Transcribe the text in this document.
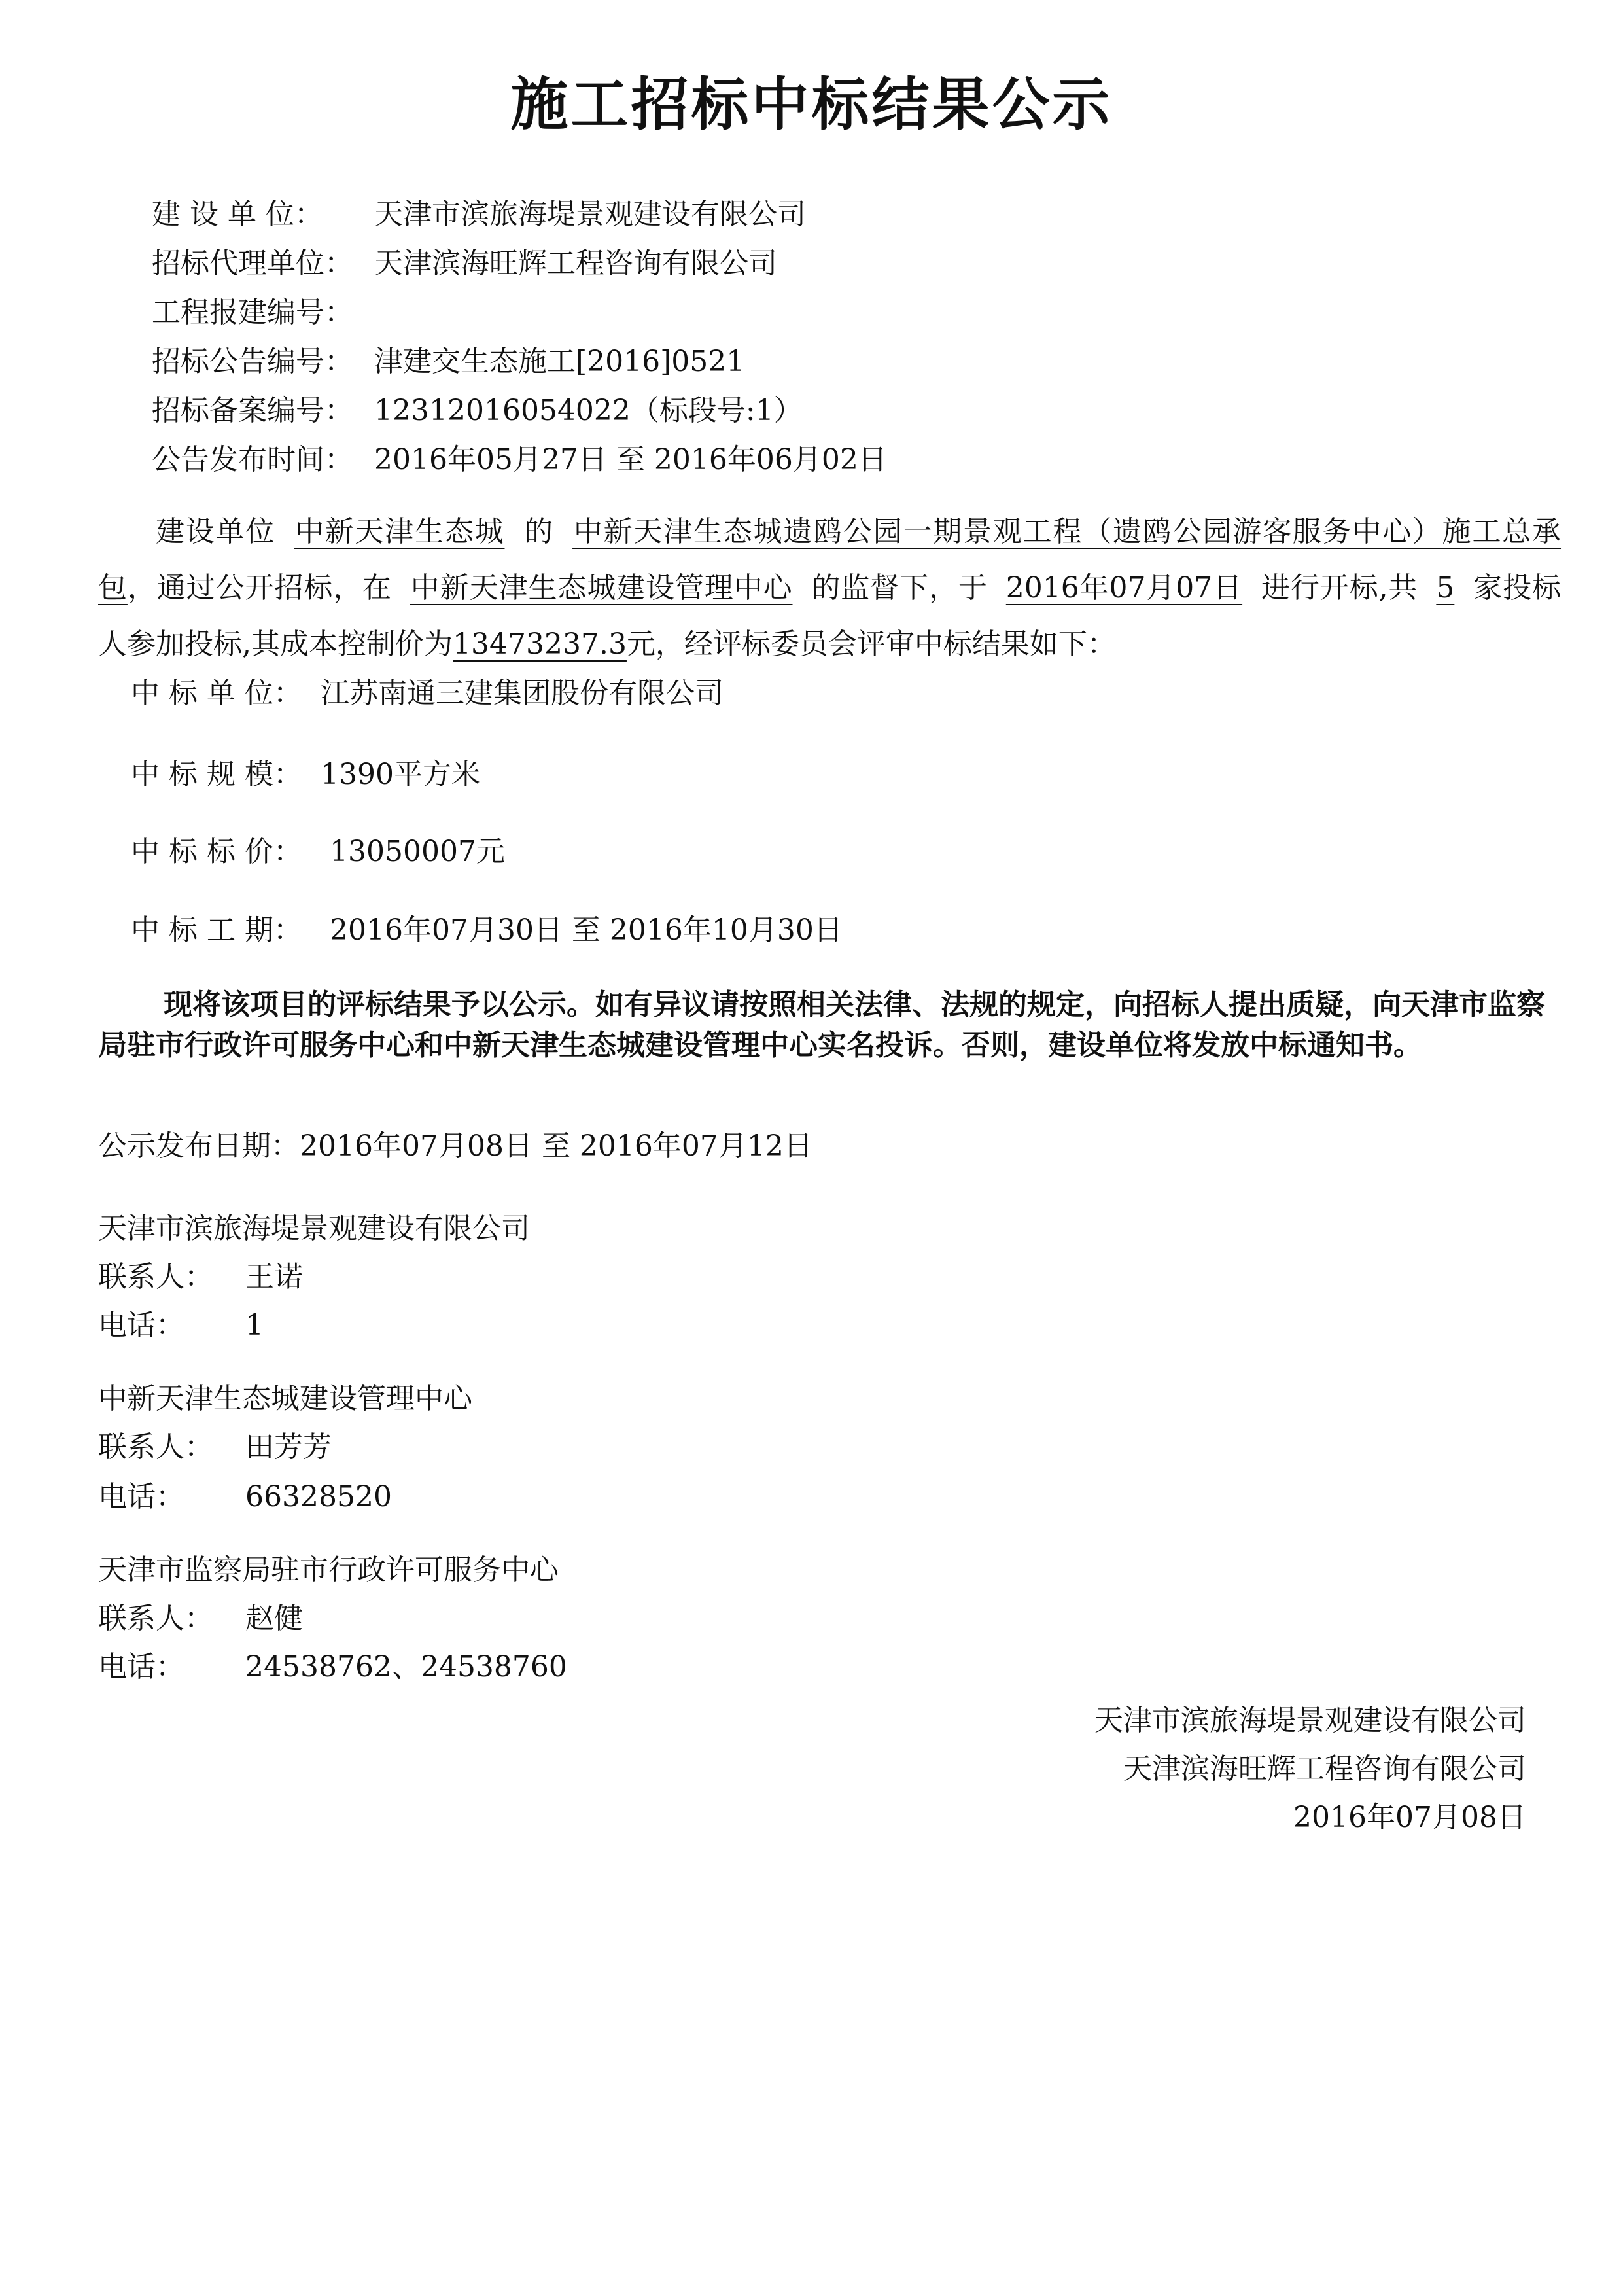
施工招标中标结果公示
建 设 单 位： 天津市滨旅海堤景观建设有限公司
招标代理单位： 天津滨海旺辉工程咨询有限公司
工程报建编号：
招标公告编号： 津建交生态施工[2016]0521
招标备案编号： 12312016054022（标段号:1）
公告发布时间： 2016年05月27日 至 2016年06月02日
建设单位 中新天津生态城 的 中新天津生态城遗鸥公园一期景观工程（遗鸥公园游客服务中心）施工总承包，通过公开招标，在 中新天津生态城建设管理中心 的监督下，于 2016年07月07日 进行开标,共 5 家投标人参加投标,其成本控制价为13473237.3元，经评标委员会评审中标结果如下：
中 标 单 位： 江苏南通三建集团股份有限公司
中 标 规 模： 1390平方米
中 标 标 价： 13050007元
中 标 工 期： 2016年07月30日 至 2016年10月30日
现将该项目的评标结果予以公示。如有异议请按照相关法律、法规的规定，向招标人提出质疑，向天津市监察局驻市行政许可服务中心和中新天津生态城建设管理中心实名投诉。否则，建设单位将发放中标通知书。
公示发布日期：2016年07月08日 至 2016年07月12日
天津市滨旅海堤景观建设有限公司
联系人： 王诺
电话： 1
中新天津生态城建设管理中心
联系人： 田芳芳
电话： 66328520
天津市监察局驻市行政许可服务中心
联系人： 赵健
电话： 24538762、24538760
天津市滨旅海堤景观建设有限公司
天津滨海旺辉工程咨询有限公司
2016年07月08日
